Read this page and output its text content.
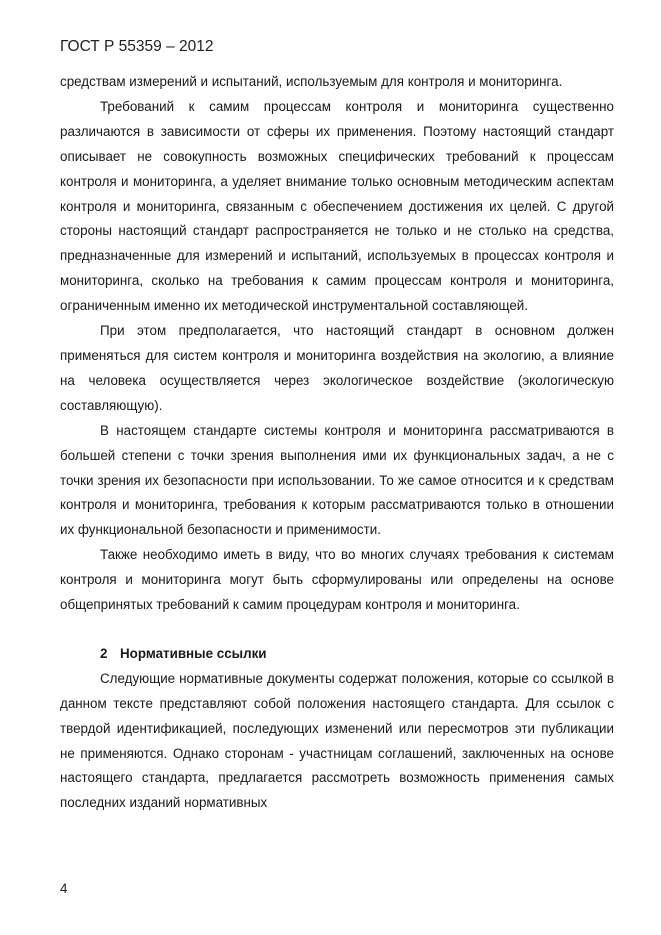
ГОСТ Р 55359 – 2012

средствам измерений и испытаний, используемым для контроля и мониторинга.

Требований к самим процессам контроля и мониторинга существенно различаются в зависимости от сферы их применения. Поэтому настоящий стандарт описывает не совокупность возможных специфических требований к процессам контроля и мониторинга, а уделяет внимание только основным методическим аспектам контроля и мониторинга, связанным с обеспечением достижения их целей. С другой стороны настоящий стандарт распространяется не только и не столько на средства, предназначенные для измерений и испытаний, используемых в процессах контроля и мониторинга, сколько на требования к самим процессам контроля и мониторинга, ограниченным именно их методической инструментальной составляющей.

При этом предполагается, что настоящий стандарт в основном должен применяться для систем контроля и мониторинга воздействия на экологию, а влияние на человека осуществляется через экологическое воздействие (экологическую составляющую).

В настоящем стандарте системы контроля и мониторинга рассматриваются в большей степени с точки зрения выполнения ими их функциональных задач, а не с точки зрения их безопасности при использовании. То же самое относится и к средствам контроля и мониторинга, требования к которым рассматриваются только в отношении их функциональной безопасности и применимости.

Также необходимо иметь в виду, что во многих случаях требования к системам контроля и мониторинга могут быть сформулированы или определены на основе общепринятых требований к самим процедурам контроля и мониторинга.

2 Нормативные ссылки

Следующие нормативные документы содержат положения, которые со ссылкой в данном тексте представляют собой положения настоящего стандарта. Для ссылок с твердой идентификацией, последующих изменений или пересмотров эти публикации не применяются. Однако сторонам - участницам соглашений, заключенных на основе настоящего стандарта, предлагается рассмотреть возможность применения самых последних изданий нормативных

4
